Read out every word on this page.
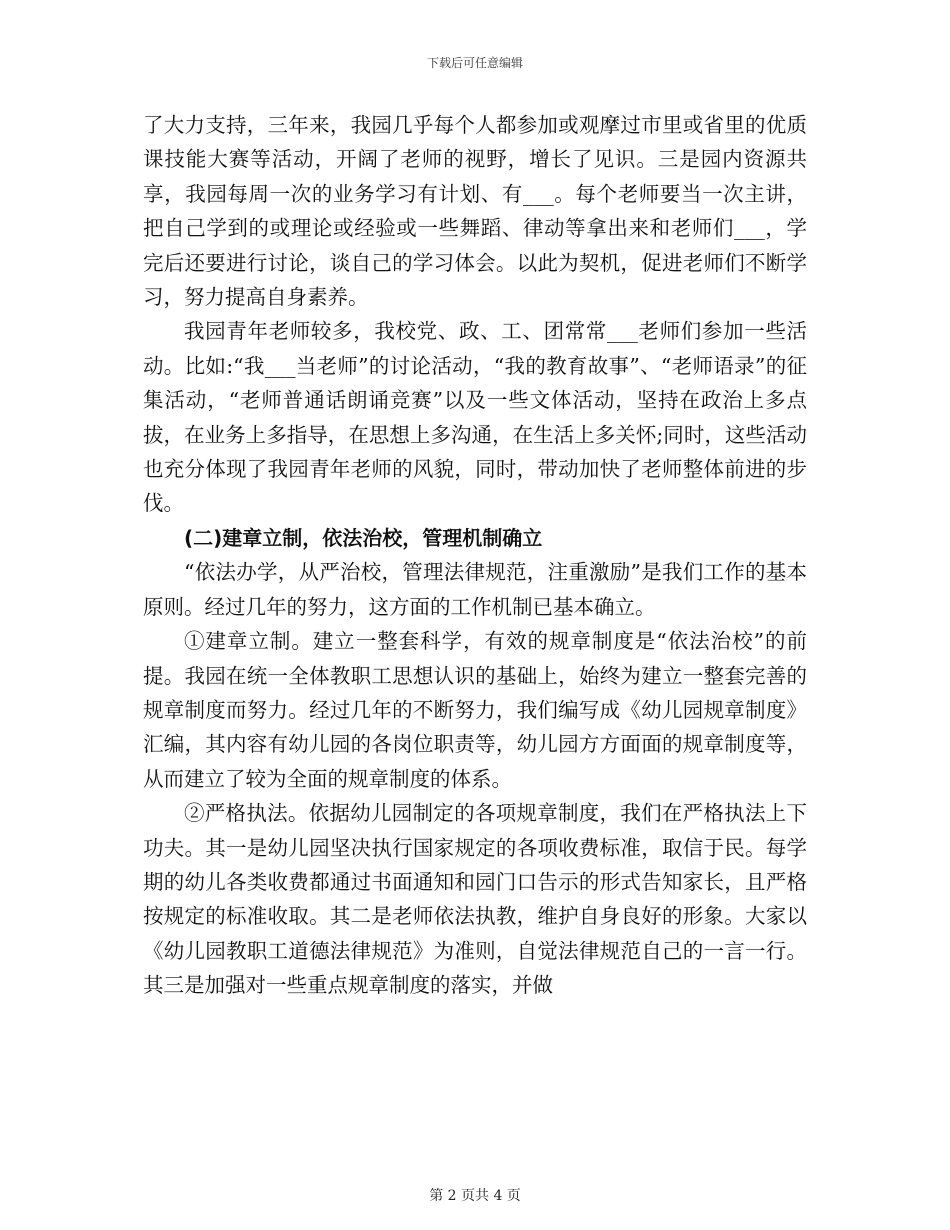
下载后可任意编辑

了大力支持，三年来，我园几乎每个人都参加或观摩过市里或省里的优质课技能大赛等活动，开阔了老师的视野，增长了见识。三是园内资源共享，我园每周一次的业务学习有计划、有___。每个老师要当一次主讲，把自己学到的或理论或经验或一些舞蹈、律动等拿出来和老师们___，学完后还要进行讨论，谈自己的学习体会。以此为契机，促进老师们不断学习，努力提高自身素养。

我园青年老师较多，我校党、政、工、团常常___老师们参加一些活动。比如:“我___当老师”的讨论活动，“我的教育故事”、“老师语录”的征集活动，“老师普通话朗诵竞赛”以及一些文体活动，坚持在政治上多点拔，在业务上多指导，在思想上多沟通，在生活上多关怀;同时，这些活动也充分体现了我园青年老师的风貌，同时，带动加快了老师整体前进的步伐。

(二)建章立制，依法治校，管理机制确立

“依法办学，从严治校，管理法律规范，注重激励”是我们工作的基本原则。经过几年的努力，这方面的工作机制已基本确立。

①建章立制。建立一整套科学，有效的规章制度是“依法治校”的前提。我园在统一全体教职工思想认识的基础上，始终为建立一整套完善的规章制度而努力。经过几年的不断努力，我们编写成《幼儿园规章制度》汇编，其内容有幼儿园的各岗位职责等，幼儿园方方面面的规章制度等，从而建立了较为全面的规章制度的体系。

②严格执法。依据幼儿园制定的各项规章制度，我们在严格执法上下功夫。其一是幼儿园坚决执行国家规定的各项收费标准，取信于民。每学期的幼儿各类收费都通过书面通知和园门口告示的形式告知家长，且严格按规定的标准收取。其二是老师依法执教，维护自身良好的形象。大家以《幼儿园教职工道德法律规范》为准则，自觉法律规范自己的一言一行。其三是加强对一些重点规章制度的落实，并做

第 2 页共 4 页
